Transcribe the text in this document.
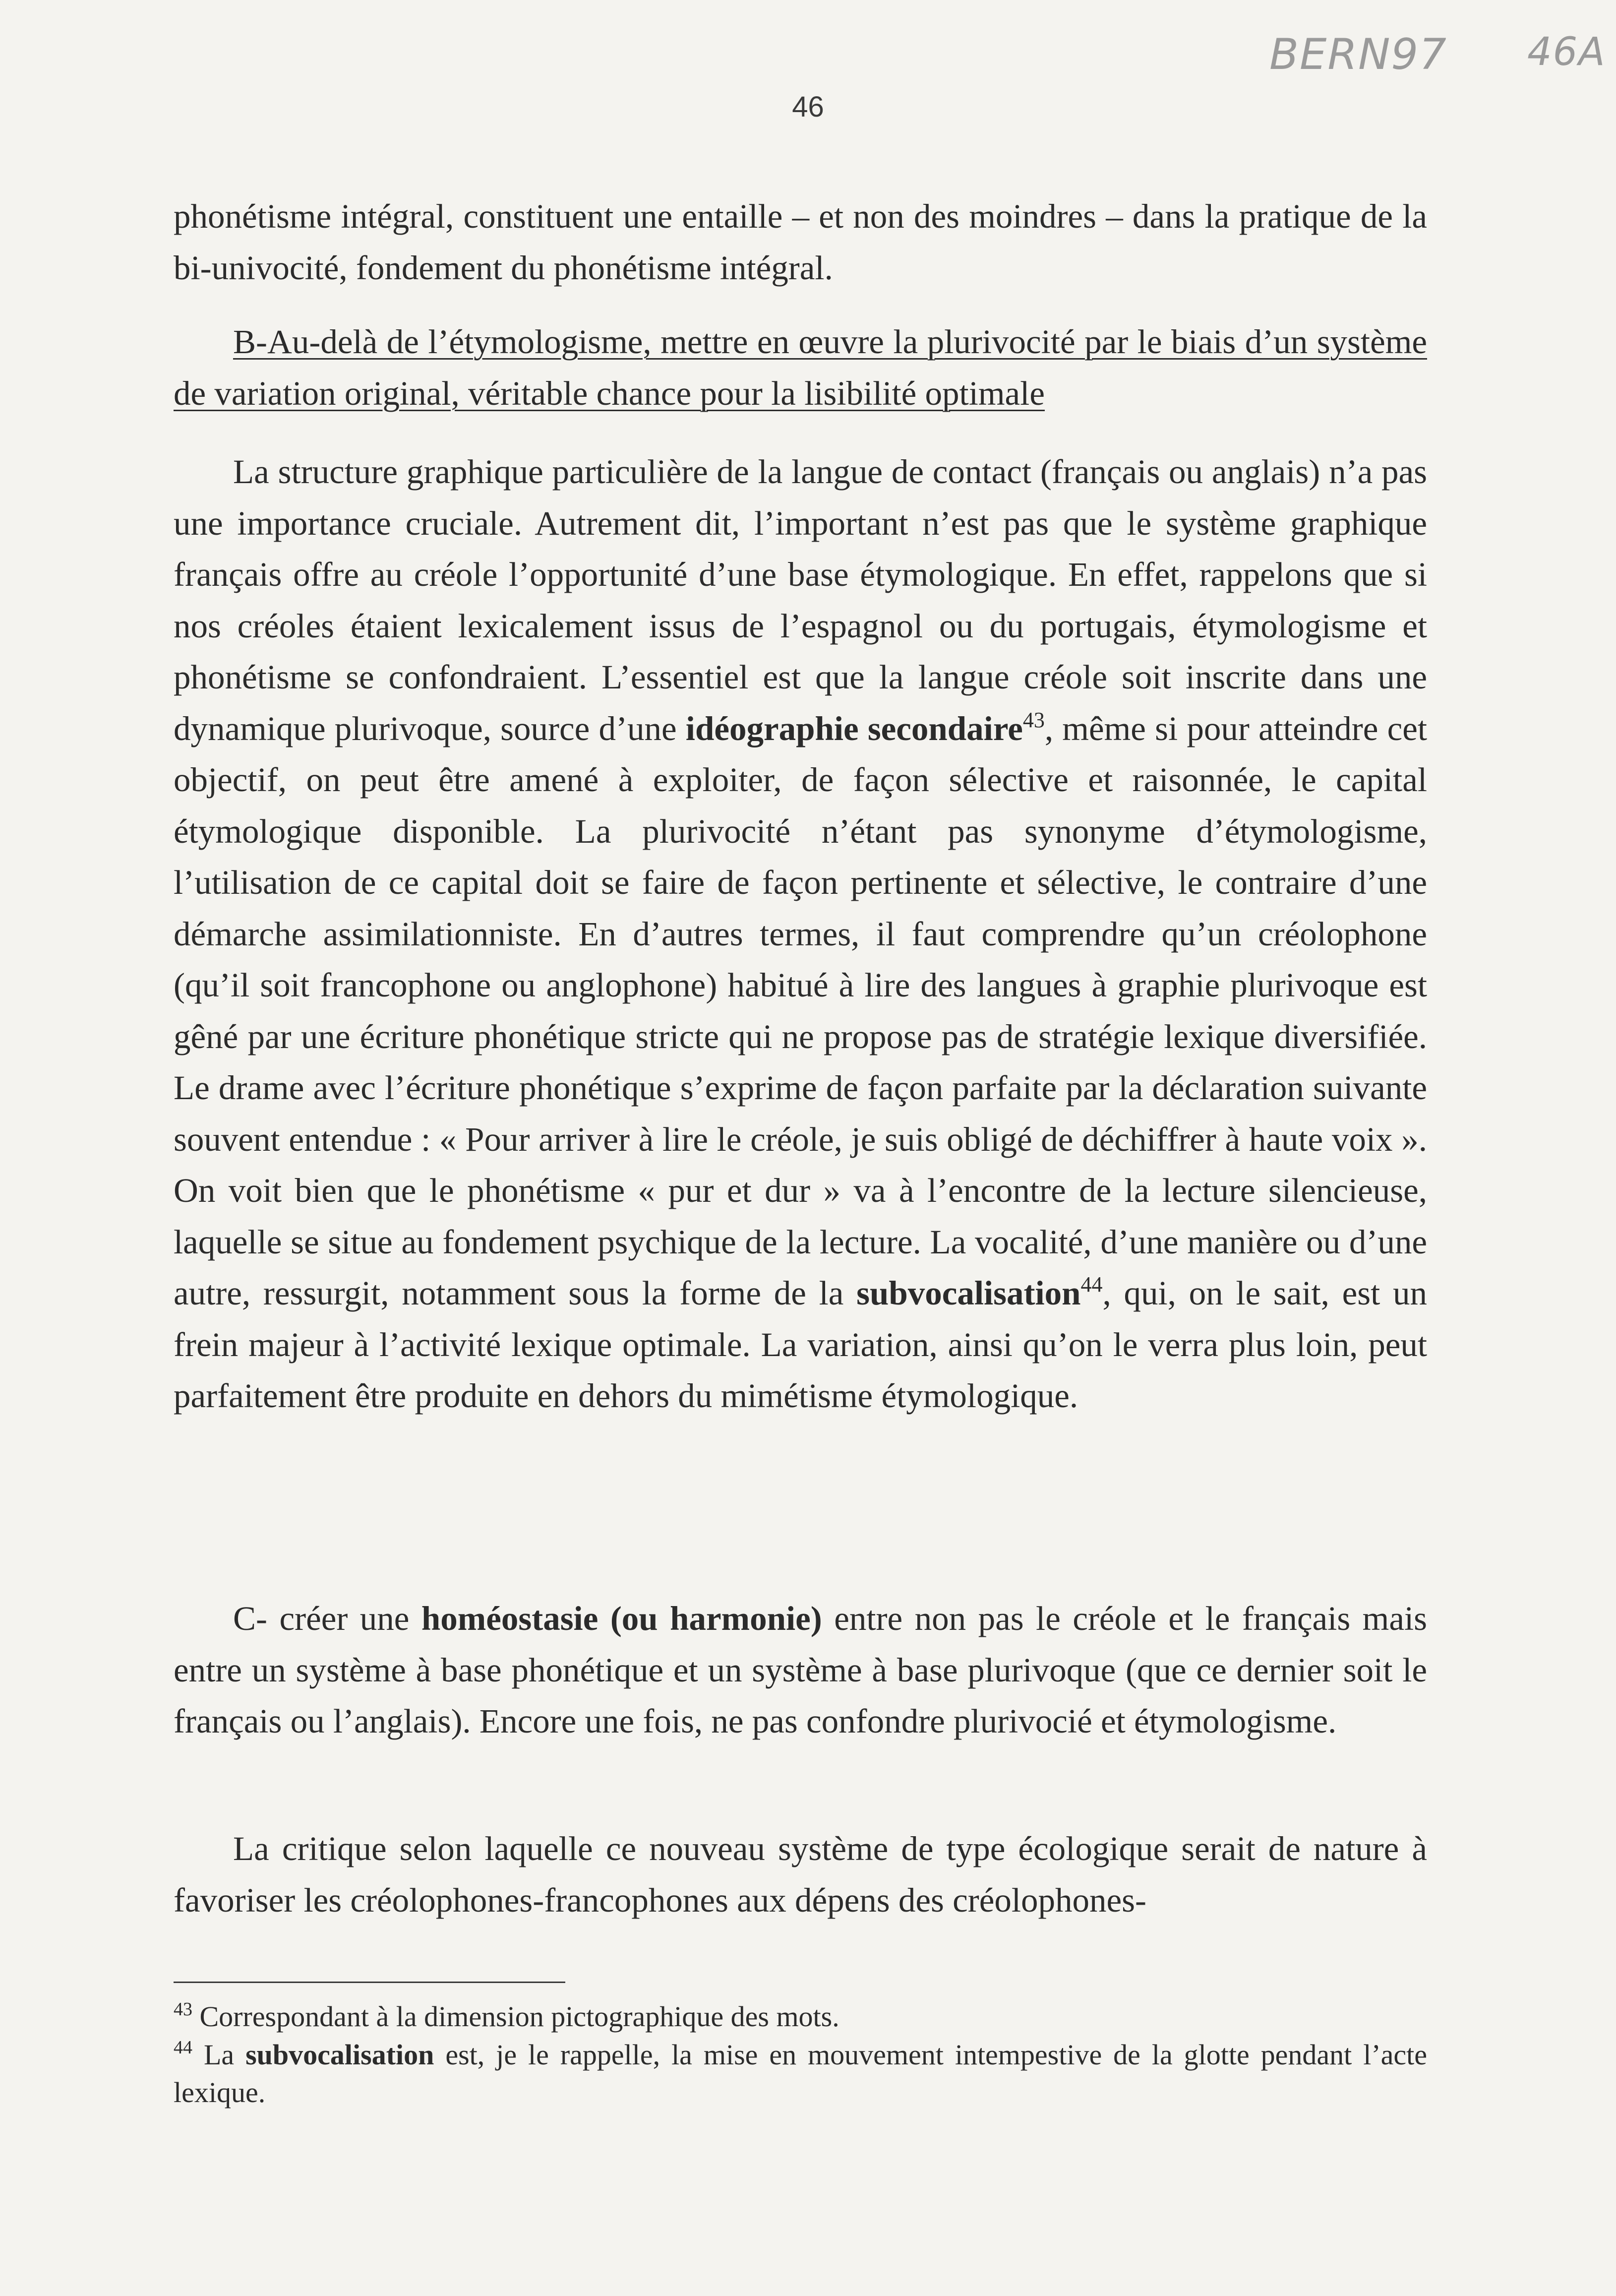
BERN97 46A
46

phonétisme intégral, constituent une entaille – et non des moindres – dans la pratique de la bi-univocité, fondement du phonétisme intégral.

B-Au-delà de l’étymologisme, mettre en œuvre la plurivocité par le biais d’un système de variation original, véritable chance pour la lisibilité optimale

La structure graphique particulière de la langue de contact (français ou anglais) n’a pas une importance cruciale. Autrement dit, l’important n’est pas que le système graphique français offre au créole l’opportunité d’une base étymologique. En effet, rappelons que si nos créoles étaient lexicalement issus de l’espagnol ou du portugais, étymologisme et phonétisme se confondraient. L’essentiel est que la langue créole soit inscrite dans une dynamique plurivoque, source d’une idéographie secondaire$^{43}$, même si pour atteindre cet objectif, on peut être amené à exploiter, de façon sélective et raisonnée, le capital étymologique disponible. La plurivocité n’étant pas synonyme d’étymologisme, l’utilisation de ce capital doit se faire de façon pertinente et sélective, le contraire d’une démarche assimilationniste. En d’autres termes, il faut comprendre qu’un créolophone (qu’il soit francophone ou anglophone) habitué à lire des langues à graphie plurivoque est gêné par une écriture phonétique stricte qui ne propose pas de stratégie lexique diversifiée. Le drame avec l’écriture phonétique s’exprime de façon parfaite par la déclaration suivante souvent entendue : « Pour arriver à lire le créole, je suis obligé de déchiffrer à haute voix ». On voit bien que le phonétisme « pur et dur » va à l’encontre de la lecture silencieuse, laquelle se situe au fondement psychique de la lecture. La vocalité, d’une manière ou d’une autre, ressurgit, notamment sous la forme de la subvocalisation$^{44}$, qui, on le sait, est un frein majeur à l’activité lexique optimale. La variation, ainsi qu’on le verra plus loin, peut parfaitement être produite en dehors du mimétisme étymologique.

C- créer une homéostasie (ou harmonie) entre non pas le créole et le français mais entre un système à base phonétique et un système à base plurivoque (que ce dernier soit le français ou l’anglais). Encore une fois, ne pas confondre plurivocié et étymologisme.

La critique selon laquelle ce nouveau système de type écologique serait de nature à favoriser les créolophones-francophones aux dépens des créolophones-

$^{43}$ Correspondant à la dimension pictographique des mots.

$^{44}$ La subvocalisation est, je le rappelle, la mise en mouvement intempestive de la glotte pendant l’acte lexique.
